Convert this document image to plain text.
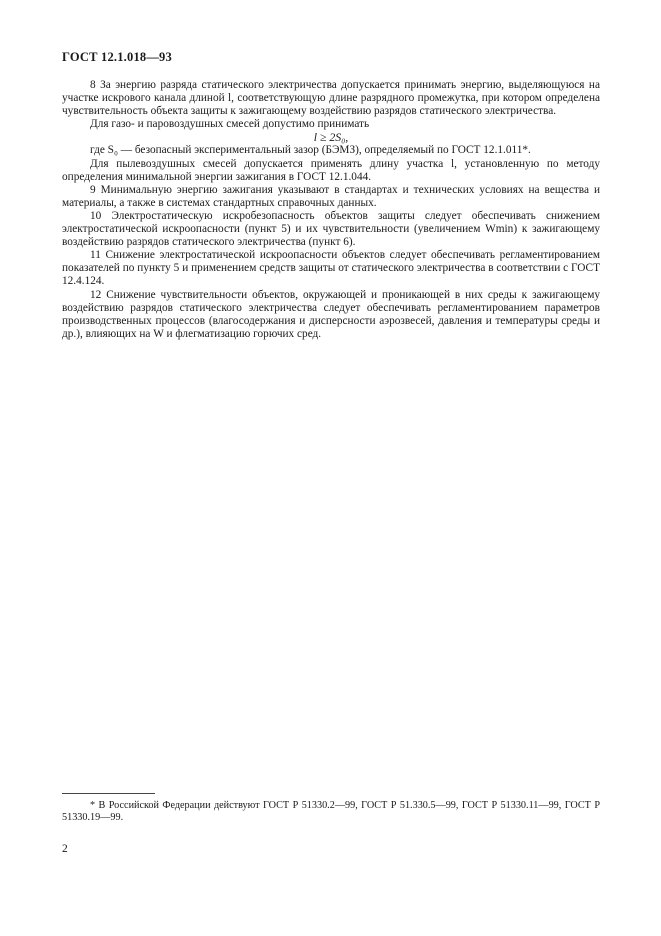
ГОСТ 12.1.018—93

8 За энергию разряда статического электричества допускается принимать энергию, выделяющуюся на участке искрового канала длиной l, соответствующую длине разрядного промежутка, при котором определена чувствительность объекта защиты к зажигающему воздействию разрядов статического электричества.

Для газо- и паровоздушных смесей допустимо принимать

l ≥ 2S₀,

где S₀ — безопасный экспериментальный зазор (БЭМЗ), определяемый по ГОСТ 12.1.011*.

Для пылевоздушных смесей допускается применять длину участка l, установленную по методу определения минимальной энергии зажигания в ГОСТ 12.1.044.

9 Минимальную энергию зажигания указывают в стандартах и технических условиях на вещества и материалы, а также в системах стандартных справочных данных.

10 Электростатическую искробезопасность объектов защиты следует обеспечивать снижением электростатической искроопасности (пункт 5) и их чувствительности (увеличением Wmin) к зажигающему воздействию разрядов статического электричества (пункт 6).

11 Снижение электростатической искроопасности объектов следует обеспечивать регламентированием показателей по пункту 5 и применением средств защиты от статического электричества в соответствии с ГОСТ 12.4.124.

12 Снижение чувствительности объектов, окружающей и проникающей в них среды к зажигающему воздействию разрядов статического электричества следует обеспечивать регламентированием параметров производственных процессов (влагосодержания и дисперсности аэрозвесей, давления и температуры среды и др.), влияющих на W и флегматизацию горючих сред.

* В Российской Федерации действуют ГОСТ Р 51330.2—99, ГОСТ Р 51.330.5—99, ГОСТ Р 51330.11—99, ГОСТ Р 51330.19—99.

2
